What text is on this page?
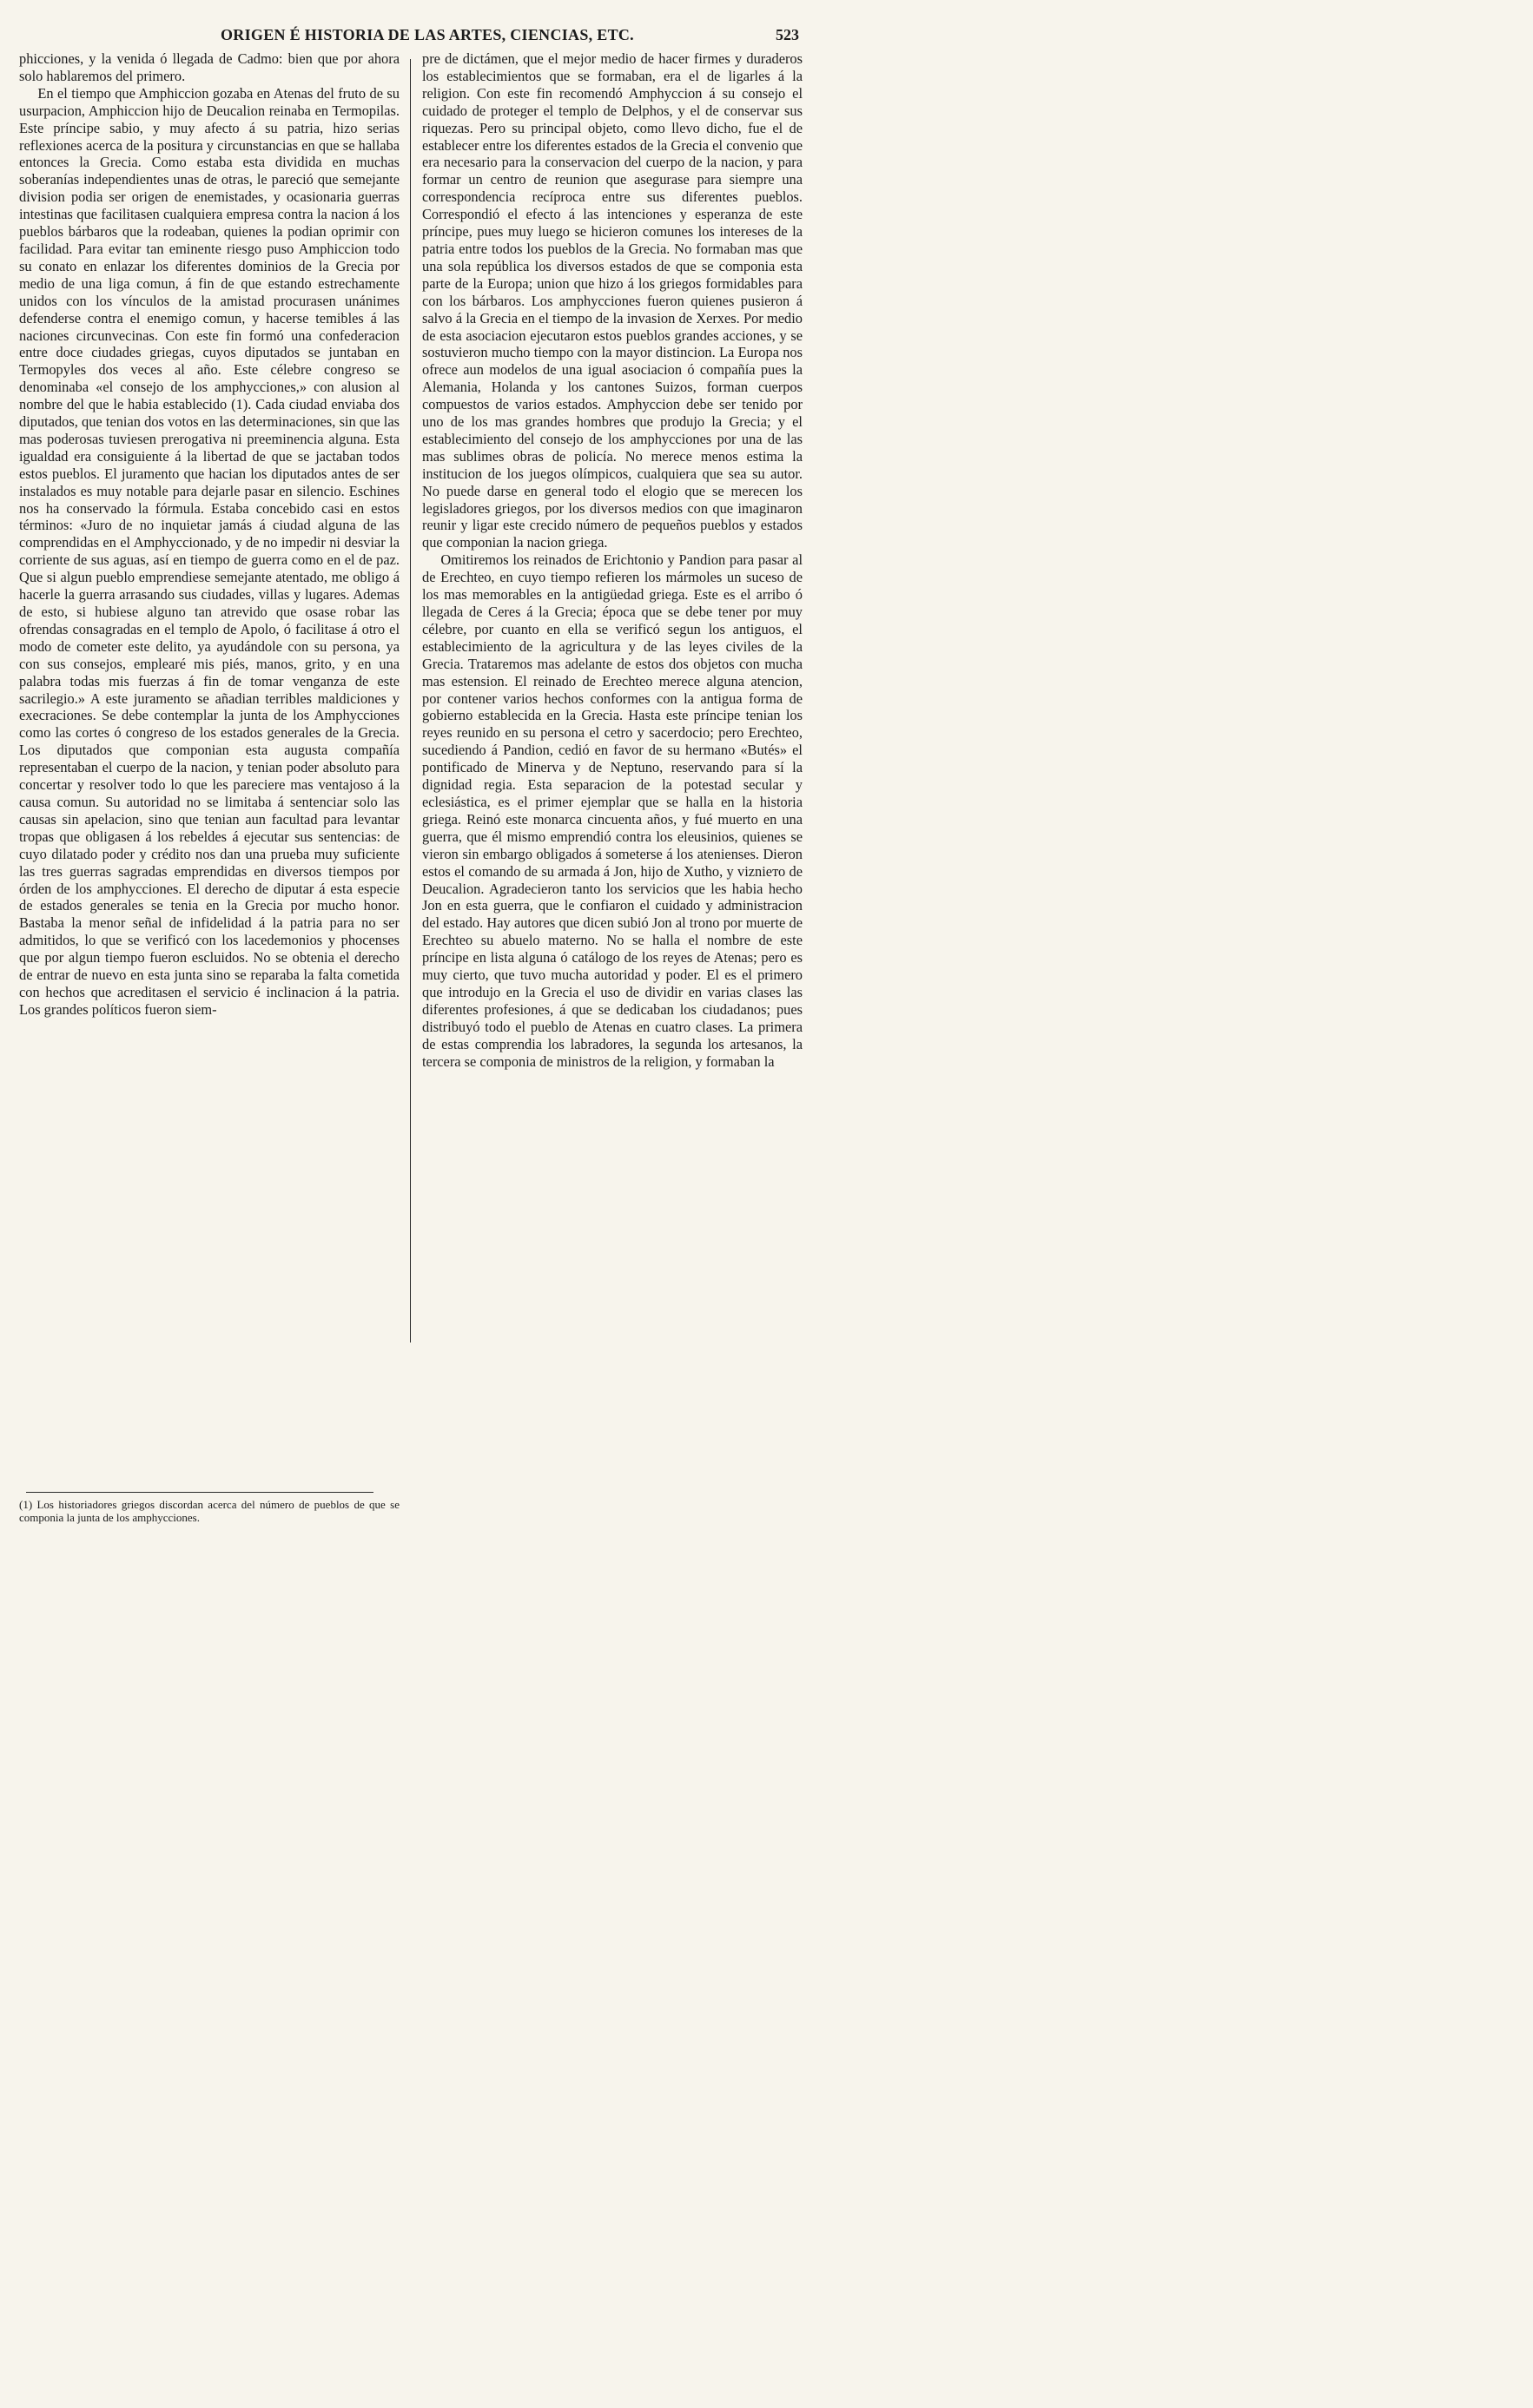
ORIGEN É HISTORIA DE LAS ARTES, CIENCIAS, ETC.	523

phicciones, y la venida ó llegada de Cadmo: bien que por ahora solo hablaremos del primero.

En el tiempo que Amphiccion gozaba en Atenas del fruto de su usurpacion, Amphiccion hijo de Deucalion reinaba en Termopilas. Este príncipe sabio, y muy afecto á su patria, hizo serias reflexiones acerca de la positura y circunstancias en que se hallaba entonces la Grecia. Como estaba esta dividida en muchas soberanías independientes unas de otras, le pareció que semejante division podia ser origen de enemistades, y ocasionaria guerras intestinas que facilitasen cualquiera empresa contra la nacion á los pueblos bárbaros que la rodeaban, quienes la podian oprimir con facilidad. Para evitar tan eminente riesgo puso Amphiccion todo su conato en enlazar los diferentes dominios de la Grecia por medio de una liga comun, á fin de que estando estrechamente unidos con los vínculos de la amistad procurasen unánimes defenderse contra el enemigo comun, y hacerse temibles á las naciones circunvecinas. Con este fin formó una confederacion entre doce ciudades griegas, cuyos diputados se juntaban en Termopyles dos veces al año. Este célebre congreso se denominaba «el consejo de los amphycciones,» con alusion al nombre del que le habia establecido (1). Cada ciudad enviaba dos diputados, que tenian dos votos en las determinaciones, sin que las mas poderosas tuviesen prerogativa ni preeminencia alguna. Esta igualdad era consiguiente á la libertad de que se jactaban todos estos pueblos. El juramento que hacian los diputados antes de ser instalados es muy notable para dejarle pasar en silencio. Eschines nos ha conservado la fórmula. Estaba concebido casi en estos términos: «Juro de no inquietar jamás á ciudad alguna de las comprendidas en el Amphyccionado, y de no impedir ni desviar la corriente de sus aguas, así en tiempo de guerra como en el de paz. Que si algun pueblo emprendiese semejante atentado, me obligo á hacerle la guerra arrasando sus ciudades, villas y lugares. Ademas de esto, si hubiese alguno tan atrevido que osase robar las ofrendas consagradas en el templo de Apolo, ó facilitase á otro el modo de cometer este delito, ya ayudándole con su persona, ya con sus consejos, emplearé mis piés, manos, grito, y en una palabra todas mis fuerzas á fin de tomar venganza de este sacrilegio.» A este juramento se añadian terribles maldiciones y execraciones. Se debe contemplar la junta de los Amphycciones como las cortes ó congreso de los estados generales de la Grecia. Los diputados que componian esta augusta compañía representaban el cuerpo de la nacion, y tenian poder absoluto para concertar y resolver todo lo que les pareciere mas ventajoso á la causa comun. Su autoridad no se limitaba á sentenciar solo las causas sin apelacion, sino que tenian aun facultad para levantar tropas que obligasen á los rebeldes á ejecutar sus sentencias: de cuyo dilatado poder y crédito nos dan una prueba muy suficiente las tres guerras sagradas emprendidas en diversos tiempos por órden de los amphycciones. El derecho de diputar á esta especie de estados generales se tenia en la Grecia por mucho honor. Bastaba la menor señal de infidelidad á la patria para no ser admitidos, lo que se verificó con los lacedemonios y phocenses que por algun tiempo fueron escluidos. No se obtenia el derecho de entrar de nuevo en esta junta sino se reparaba la falta cometida con hechos que acreditasen el servicio é inclinacion á la patria. Los grandes políticos fueron siem-

pre de dictámen, que el mejor medio de hacer firmes y duraderos los establecimientos que se formaban, era el de ligarles á la religion. Con este fin recomendó Amphyccion á su consejo el cuidado de proteger el templo de Delphos, y el de conservar sus riquezas. Pero su principal objeto, como llevo dicho, fue el de establecer entre los diferentes estados de la Grecia el convenio que era necesario para la conservacion del cuerpo de la nacion, y para formar un centro de reunion que asegurase para siempre una correspondencia recíproca entre sus diferentes pueblos. Correspondió el efecto á las intenciones y esperanza de este príncipe, pues muy luego se hicieron comunes los intereses de la patria entre todos los pueblos de la Grecia. No formaban mas que una sola república los diversos estados de que se componia esta parte de la Europa; union que hizo á los griegos formidables para con los bárbaros. Los amphycciones fueron quienes pusieron á salvo á la Grecia en el tiempo de la invasion de Xerxes. Por medio de esta asociacion ejecutaron estos pueblos grandes acciones, y se sostuvieron mucho tiempo con la mayor distincion. La Europa nos ofrece aun modelos de una igual asociacion ó compañía pues la Alemania, Holanda y los cantones Suizos, forman cuerpos compuestos de varios estados. Amphyccion debe ser tenido por uno de los mas grandes hombres que produjo la Grecia; y el establecimiento del consejo de los amphycciones por una de las mas sublimes obras de policía. No merece menos estima la institucion de los juegos olímpicos, cualquiera que sea su autor. No puede darse en general todo el elogio que se merecen los legisladores griegos, por los diversos medios con que imaginaron reunir y ligar este crecido número de pequeños pueblos y estados que componian la nacion griega.

Omitiremos los reinados de Erichtonio y Pandion para pasar al de Erechteo, en cuyo tiempo refieren los mármoles un suceso de los mas memorables en la antigüedad griega. Este es el arribo ó llegada de Ceres á la Grecia; época que se debe tener por muy célebre, por cuanto en ella se verificó segun los antiguos, el establecimiento de la agricultura y de las leyes civiles de la Grecia. Trataremos mas adelante de estos dos objetos con mucha mas estension. El reinado de Erechteo merece alguna atencion, por contener varios hechos conformes con la antigua forma de gobierno establecida en la Grecia. Hasta este príncipe tenian los reyes reunido en su persona el cetro y sacerdocio; pero Erechteo, sucediendo á Pandion, cedió en favor de su hermano «Butés» el pontificado de Minerva y de Neptuno, reservando para sí la dignidad regia. Esta separacion de la potestad secular y eclesiástica, es el primer ejemplar que se halla en la historia griega. Reinó este monarca cincuenta años, y fué muerto en una guerra, que él mismo emprendió contra los eleusinios, quienes se vieron sin embargo obligados á someterse á los atenienses. Dieron estos el comando de su armada á Jon, hijo de Xutho, y vizniето de Deucalion. Agradecieron tanto los servicios que les habia hecho Jon en esta guerra, que le confiaron el cuidado y administracion del estado. Hay autores que dicen subió Jon al trono por muerte de Erechteo su abuelo materno. No se halla el nombre de este príncipe en lista alguna ó catálogo de los reyes de Atenas; pero es muy cierto, que tuvo mucha autoridad y poder. El es el primero que introdujo en la Grecia el uso de dividir en varias clases las diferentes profesiones, á que se dedicaban los ciudadanos; pues distribuyó todo el pueblo de Atenas en cuatro clases. La primera de estas comprendia los labradores, la segunda los artesanos, la tercera se componia de ministros de la religion, y formaban la

(1) Los historiadores griegos discordan acerca del número de pueblos de que se componia la junta de los amphycciones.
